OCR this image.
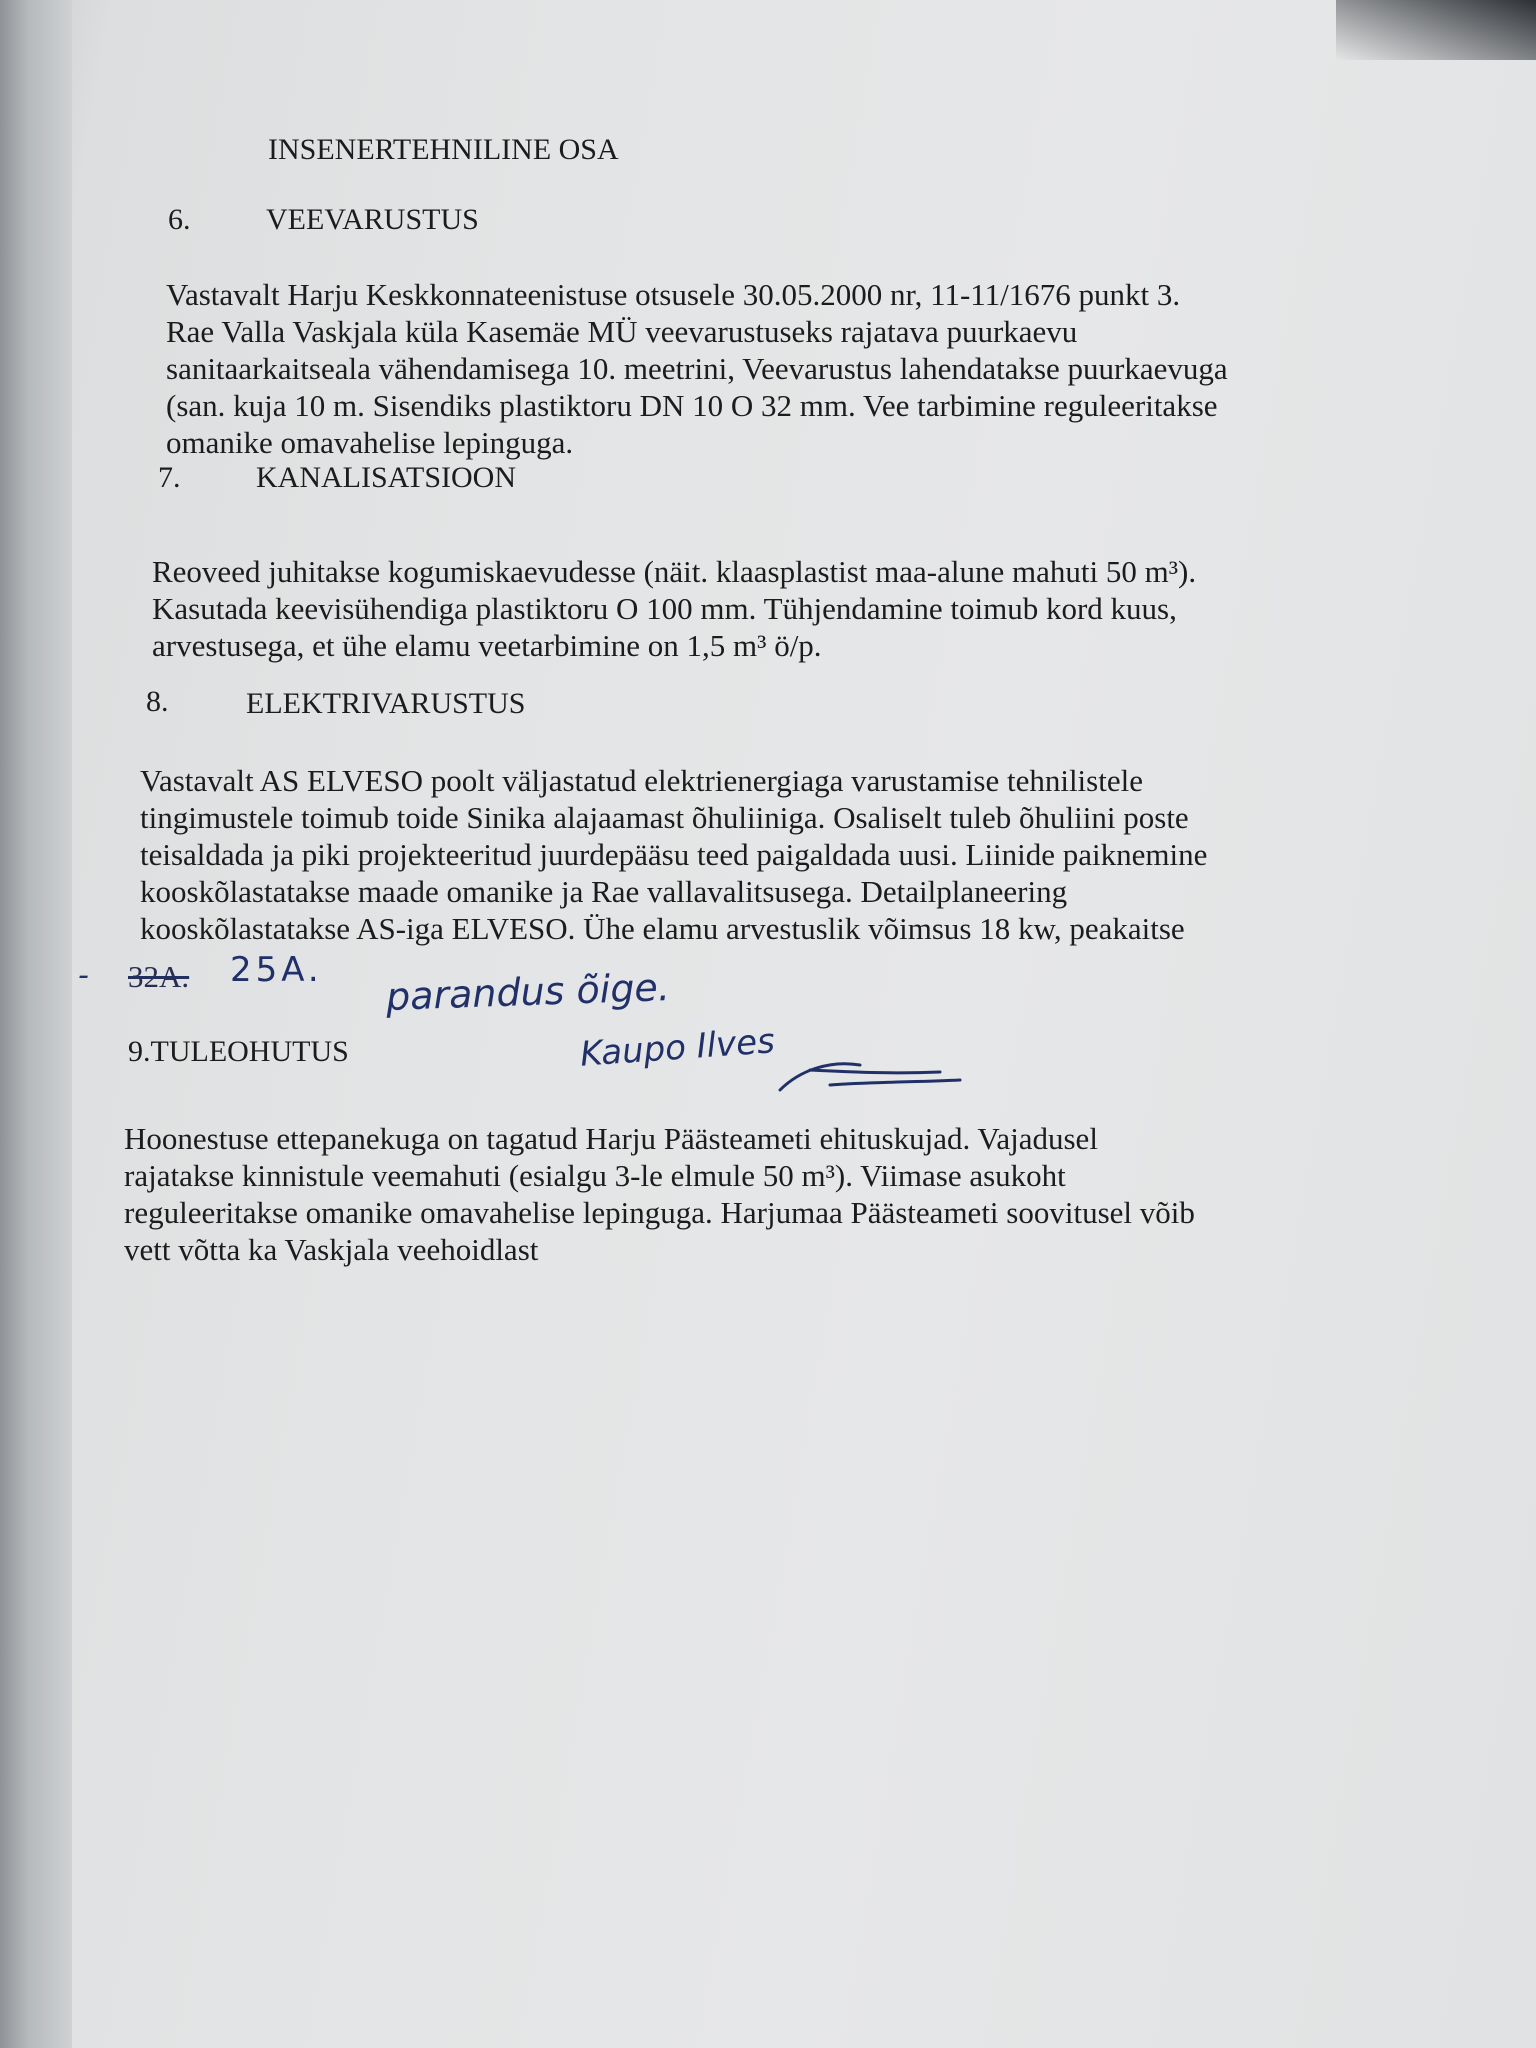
INSENERTEHNILINE OSA
6.	VEEVARUSTUS
Vastavalt Harju Keskkonnateenistuse otsusele 30.05.2000 nr, 11-11/1676 punkt 3.
Rae Valla Vaskjala küla Kasemäe MÜ veevarustuseks rajatava puurkaevu
sanitaarkaitseala vähendamisega 10. meetrini, Veevarustus lahendatakse puurkaevuga
(san. kuja 10 m. Sisendiks plastiktoru DN 10 O 32 mm. Vee tarbimine reguleeritakse
omanike omavahelise lepinguga.
7.	KANALISATSIOON
Reoveed juhitakse kogumiskaevudesse (näit. klaasplastist maa-alune mahuti 50 m³).
Kasutada keevisühendiga plastiktoru O 100 mm. Tühjendamine toimub kord kuus,
arvestusega, et ühe elamu veetarbimine on 1,5 m³ ö/p.
8.	ELEKTRIVARUSTUS
Vastavalt AS ELVESO poolt väljastatud elektrienergiaga varustamise tehnilistele
tingimustele toimub toide Sinika alajaamast õhuliiniga. Osaliselt tuleb õhuliini poste
teisaldada ja piki projekteeritud juurdepääsu teed paigaldada uusi. Liinide paiknemine
kooskõlastatakse maade omanike ja Rae vallavalitsusega. Detailplaneering
kooskõlastatakse AS-iga ELVESO. Ühe elamu arvestuslik võimsus 18 kw, peakaitse
- 32A. 25A. parandus õige.
Kaupo Ilves
9.TULEOHUTUS
Hoonestuse ettepanekuga on tagatud Harju Päästeameti ehituskujad. Vajadusel
rajatakse kinnistule veemahuti (esialgu 3-le elmule 50 m³). Viimase asukoht
reguleeritakse omanike omavahelise lepinguga. Harjumaa Päästeameti soovitusel võib
vett võtta ka Vaskjala veehoidlast
